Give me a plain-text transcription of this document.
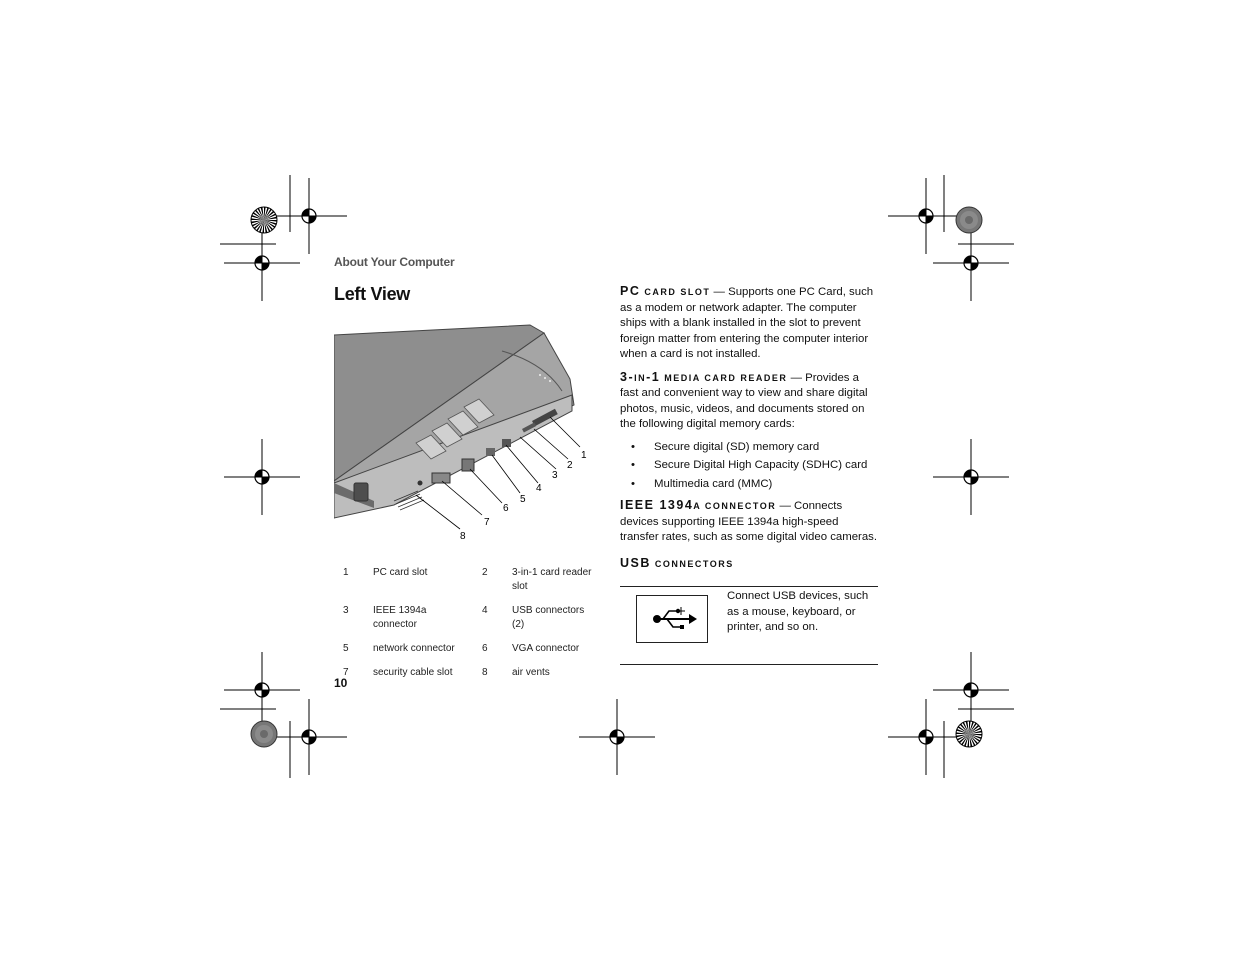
About Your Computer
Left View
1
2
3
4
5
6
7
8
1	PC card slot	2	3-in-1 card reader slot
3	IEEE 1394a connector	4	USB connectors (2)
5	network connector	6	VGA connector
7	security cable slot	8	air vents
10

PC CARD SLOT — Supports one PC Card, such as a modem or network adapter. The computer ships with a blank installed in the slot to prevent foreign matter from entering the computer interior when a card is not installed.

3-IN-1 MEDIA CARD READER — Provides a fast and convenient way to view and share digital photos, music, videos, and documents stored on the following digital memory cards:

• Secure digital (SD) memory card
• Secure Digital High Capacity (SDHC) card
• Multimedia card (MMC)

IEEE 1394A CONNECTOR — Connects devices supporting IEEE 1394a high-speed transfer rates, such as some digital video cameras.

USB CONNECTORS

Connect USB devices, such as a mouse, keyboard, or printer, and so on.
